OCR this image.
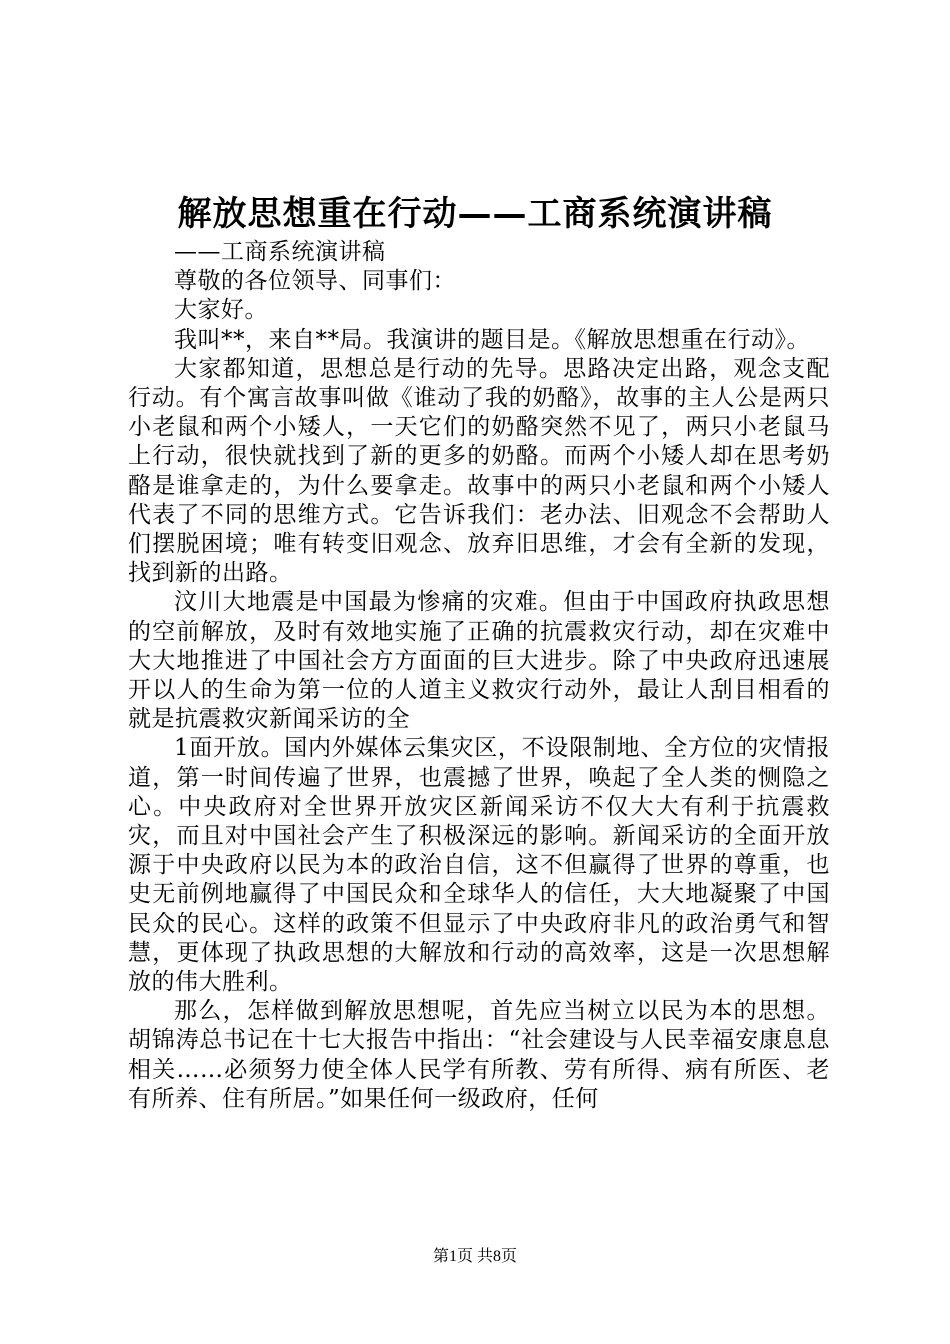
解放思想重在行动——工商系统演讲稿

——工商系统演讲稿

尊敬的各位领导、同事们：

大家好。

我叫**，来自**局。我演讲的题目是。《解放思想重在行动》。

大家都知道，思想总是行动的先导。思路决定出路，观念支配行动。有个寓言故事叫做《谁动了我的奶酪》，故事的主人公是两只小老鼠和两个小矮人，一天它们的奶酪突然不见了，两只小老鼠马上行动，很快就找到了新的更多的奶酪。而两个小矮人却在思考奶酪是谁拿走的，为什么要拿走。故事中的两只小老鼠和两个小矮人代表了不同的思维方式。它告诉我们：老办法、旧观念不会帮助人们摆脱困境；唯有转变旧观念、放弃旧思维，才会有全新的发现，找到新的出路。

汶川大地震是中国最为惨痛的灾难。但由于中国政府执政思想的空前解放，及时有效地实施了正确的抗震救灾行动，却在灾难中大大地推进了中国社会方方面面的巨大进步。除了中央政府迅速展开以人的生命为第一位的人道主义救灾行动外，最让人刮目相看的就是抗震救灾新闻采访的全

1面开放。国内外媒体云集灾区，不设限制地、全方位的灾情报道，第一时间传遍了世界，也震撼了世界，唤起了全人类的恻隐之心。中央政府对全世界开放灾区新闻采访不仅大大有利于抗震救灾，而且对中国社会产生了积极深远的影响。新闻采访的全面开放源于中央政府以民为本的政治自信，这不但赢得了世界的尊重，也史无前例地赢得了中国民众和全球华人的信任，大大地凝聚了中国民众的民心。这样的政策不但显示了中央政府非凡的政治勇气和智慧，更体现了执政思想的大解放和行动的高效率，这是一次思想解放的伟大胜利。

那么，怎样做到解放思想呢，首先应当树立以民为本的思想。胡锦涛总书记在十七大报告中指出：“社会建设与人民幸福安康息息相关……必须努力使全体人民学有所教、劳有所得、病有所医、老有所养、住有所居。”如果任何一级政府，任何

第1页 共8页
